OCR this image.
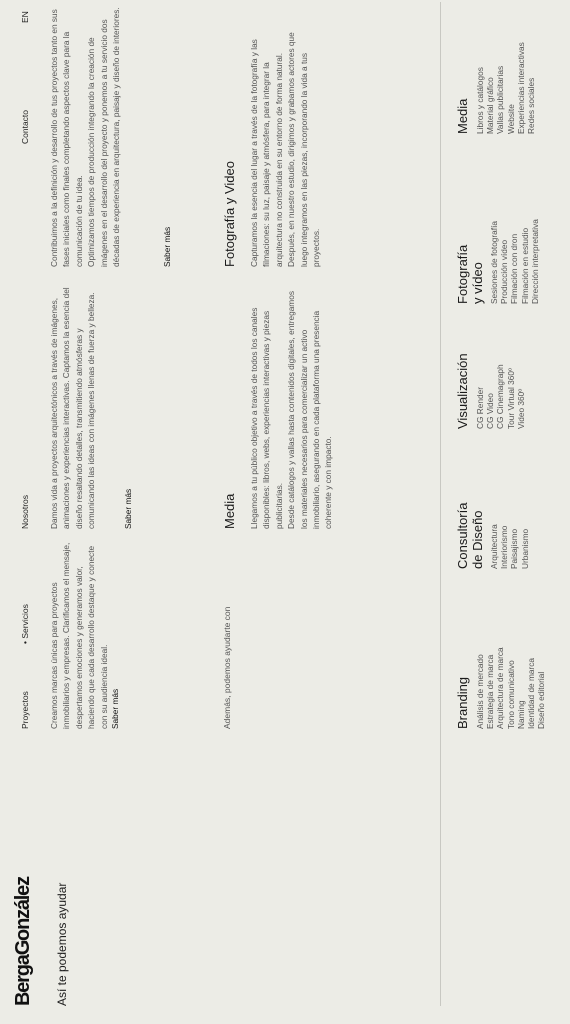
BergaGonzález
Proyectos
• Servicios
Nosotros
Contacto
EN
Así te podemos ayudar

Creamos marcas únicas para proyectos inmobiliarios y empresas. Clarificamos el mensaje, despertamos emociones y generamos valor, haciendo que cada desarrollo destaque y conecte con su audiencia ideal. Saber más

Damos vida a proyectos arquitectónicos a través de imágenes, animaciones y experiencias interactivas. Captamos la esencia del diseño resaltando detalles, transmitiendo atmósferas y comunicando las ideas con imágenes llenas de fuerza y belleza.	Saber más

Contribuimos a la definición y desarrollo de tus proyectos tanto en sus fases iniciales como finales completando aspectos clave para la comunicación de tu idea. Optimizamos tiempos de producción integrando la creación de imágenes en el desarrollo del proyecto y ponemos a tu servicio dos décadas de experiencia en arquitectura, paisaje y diseño de interiores.	Saber más
Además, podemos ayudarte con
Media Llegamos a tu público objetivo a través de todos los canales disponibles: libros, webs, experiencias interactivas y piezas publicitarias. Desde catálogos y vallas hasta contenidos digitales, entregamos los materiales necesarios para comercializar un activo inmobiliario, asegurando en cada plataforma una presencia coherente y con impacto.

Fotografía y Video Capturamos la esencia del lugar a través de la fotografía y las filmaciones: su luz, paisaje y atmósfera, para integrar la arquitectura no construida en su entorno de forma natural. Después, en nuestro estudio, dirigimos y grabamos actores que luego integramos en las piezas, incorporando la vida a tus proyectos.

Branding Análisis de mercado Estrategia de marca Arquitectura de marca Tono comunicativo Naming Identidad de marca Diseño editorial
Consultoría de Diseño Arquitectura Interiorismo Paisajismo Urbanismo
Visualización CG Render CG Video CG Cinemagraph Tour Virtual 360º Video 360º
Fotografía y vídeo Sesiones de fotografía Producción vídeo Filmación con dron Filmación en estudio Dirección interpretativa
Media Libros y catálogos Material gráfico Vallas publicitarias Website Experiencias interactivas Redes sociales
